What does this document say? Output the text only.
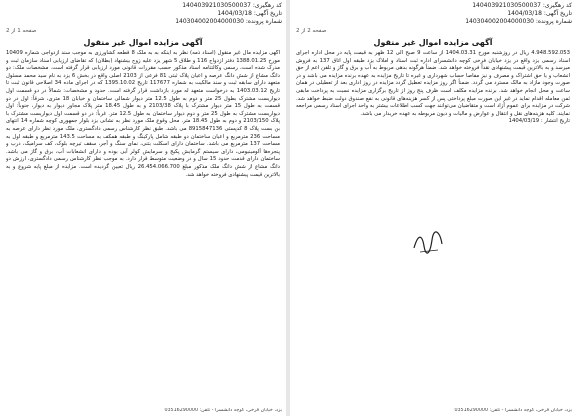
کد رهگیری: 140403921030500037
تاریخ آگهی: 1404/03/18
شماره پرونده: 140304002004000030
صفحه 1 از 2
آگهی مزایده اموال غیر منقول

آگهی مزایده مال غیر منقول (اسناد ذمه) نظر به اینکه به به ملک 8 قطعه کشاورزی به موجب سند ازدواجی شماره 10409 مورخ 1388.01.25 دفتر ازدواج 116 و طلاق 5 شهر یزد علیه زوج بیشنهاد (بطلان) که تقاضای ارزیابی اسناد سازمان ثبت و مدرک شده است، رسمی وکالتنامه اسناد مذکور حسب مقررات قانونی مورد ارزیابی قرار گرفته است. مشخصات ملک: دو دانگ مشاع از شش دانگ عرصه و اعیان پلاک ثبتی 81 فرعی از 2103 اصلی واقع در بخش 6 یزد به نام سید محمد مسئول متعهد دارای سابقه ثبت و سند مالکیت به شماره 117677 تاریخ 1395.10.02 که در اجرای ماده 34 اصلاحی قانون ثبت تا تاریخ 1403.03.12 به درخواست متعهد له مورد بازداشت قرار گرفته است. حدود و مشخصات: شمالاً در دو قسمت اول دیواریست مشترک بطول 25 متر و دوم به طول 12.5 متر دیوار شمالی ساختمان و خیابان 18 متری، شرقاً: اول در دو قسمت به طول 15 متر دیوار مشترک با پلاک 2103/38 و به طول 18.45 متر پلاک مجاور دیوار به دیوار، جنوباً: اول دیواریست مشترک به طول 25 متر و دوم دیوار ساختمان به طول 12.5 متر. غرباً: در دو قسمت اول دیواریست مشترک با پلاک 2103/150 و دوم به طول 18.45 متر. محل وقوع ملک مورد نظر به نشانی یزد بلوار جمهوری کوچه شماره 14 انتهای بن بست پلاک 8 کدپستی 8915847136 می باشد. طبق نظر کارشناس رسمی دادگستری، ملک مورد نظر دارای عرصه به مساحت 236 مترمربع و اعیان ساختمان دو طبقه شامل پارکینگ و طبقه همکف به مساحت 143.5 مترمربع و طبقه اول به مساحت 137 مترمربع می باشد. ساختمان دارای اسکلت بتنی، نمای سنگ و آجر، سقف تیرچه بلوک، کف سرامیک، درب و پنجره‌ها آلومینیومی، دارای سیستم گرمایش پکیج و سرمایش کولر آبی بوده و دارای انشعابات آب، برق و گاز می باشد. ساختمان دارای قدمت حدود 15 سال و در وضعیت متوسط قرار دارد. به موجب نظر کارشناس رسمی دادگستری، ارزش دو دانگ مشاع از شش دانگ ملک مذکور مبلغ 26.454.066.700 ریال تعیین گردیده است. مزایده از مبلغ پایه شروع و به بالاترین قیمت پیشنهادی فروخته خواهد شد.

یزد، خیابان فرخی، کوچه دانشسرا - تلفن: 03516290000
کد رهگیری: 140403921030500037
تاریخ آگهی: 1404/03/18
شماره پرونده: 140304002004000030
صفحه 2 از 2
آگهی مزایده اموال غیر منقول

4.948.592.053 ریال در روزشنبه مورخ 1404.03.31 از ساعت 9 صبح الی 12 ظهر به قیمت پایه در محل اداره اجرای اسناد رسمی یزد واقع در یزد خیابان فرخی کوچه دانشسرای اداره ثبت اسناد و املاک یزد طبقه اول اتاق 137 به فروش میرسد و به بالاترین قیمت پیشنهادی نقداً فروخته خواهد شد. ضمناً هرگونه بدهی مربوط به آب و برق و گاز و تلفن اعم از حق انشعاب و یا حق اشتراک و مصرف و نیز مفاصا حساب شهرداری و غیره تا تاریخ مزایده به عهده برنده مزایده می باشد و در صورت وجود مازاد به مالک مسترد می گردد. ضمناً اگر روز مزایده تعطیل گردد مزایده در روز اداری بعد از تعطیلی در همان ساعت و محل انجام خواهد شد. برنده مزایده مکلف است ظرف پنج روز از تاریخ برگزاری مزایده نسبت به پرداخت مابقی ثمن معامله اقدام نماید در غیر این صورت مبلغ پرداختی پس از کسر هزینه‌های قانونی به نفع صندوق دولت ضبط خواهد شد. شرکت در مزایده برای عموم آزاد است و متقاضیان می‌توانند جهت کسب اطلاعات بیشتر به واحد اجرای اسناد رسمی مراجعه نمایند. کلیه هزینه‌های نقل و انتقال و عوارض و مالیات و دیون مربوطه به عهده خریدار می باشد.

تاریخ انتشار : 1404/03/19

یزد، خیابان فرخی، کوچه دانشسرا - تلفن: 03516290000
